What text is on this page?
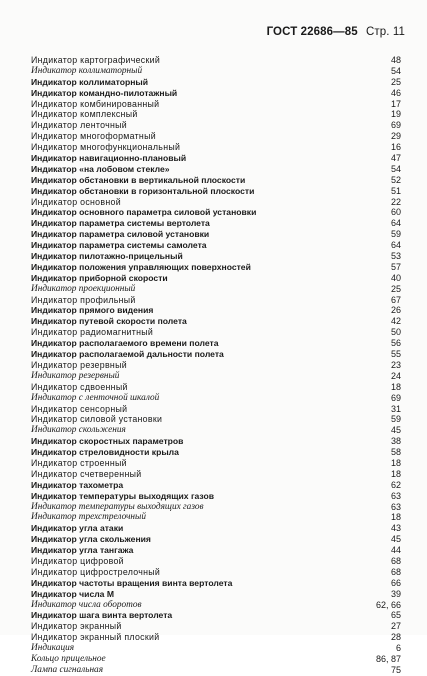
ГОСТ 22686—85 Стр. 11
Индикатор картографический	48
Индикатор коллиматорный	54
Индикатор коллиматорный	25
Индикатор командно-пилотажный	46
Индикатор комбинированный	17
Индикатор комплексный	19
Индикатор ленточный	69
Индикатор многоформатный	29
Индикатор многофункциональный	16
Индикатор навигационно-плановый	47
Индикатор «на лобовом стекле»	54
Индикатор обстановки в вертикальной плоскости	52
Индикатор обстановки в горизонтальной плоскости	51
Индикатор основной	22
Индикатор основного параметра силовой установки	60
Индикатор параметра системы вертолета	64
Индикатор параметра силовой установки	59
Индикатор параметра системы самолета	64
Индикатор пилотажно-прицельный	53
Индикатор положения управляющих поверхностей	57
Индикатор приборной скорости	40
Индикатор проекционный	25
Индикатор профильный	67
Индикатор прямого видения	26
Индикатор путевой скорости полета	42
Индикатор радиомагнитный	50
Индикатор располагаемого времени полета	56
Индикатор располагаемой дальности полета	55
Индикатор резервный	23
Индикатор резервный	24
Индикатор сдвоенный	18
Индикатор с ленточной шкалой	69
Индикатор сенсорный	31
Индикатор силовой установки	59
Индикатор скольжения	45
Индикатор скоростных параметров	38
Индикатор стреловидности крыла	58
Индикатор строенный	18
Индикатор счетверенный	18
Индикатор тахометра	62
Индикатор температуры выходящих газов	63
Индикатор температуры выходящих газов	63
Индикатор трехстрелочный	18
Индикатор угла атаки	43
Индикатор угла скольжения	45
Индикатор угла тангажа	44
Индикатор цифровой	68
Индикатор цифрострелочный	68
Индикатор частоты вращения винта вертолета	66
Индикатор числа М	39
Индикатор числа оборотов	62, 66
Индикатор шага винта вертолета	65
Индикатор экранный	27
Индикатор экранный плоский	28
Индикация	6
Кольцо прицельное	86, 87
Лампа сигнальная	75
